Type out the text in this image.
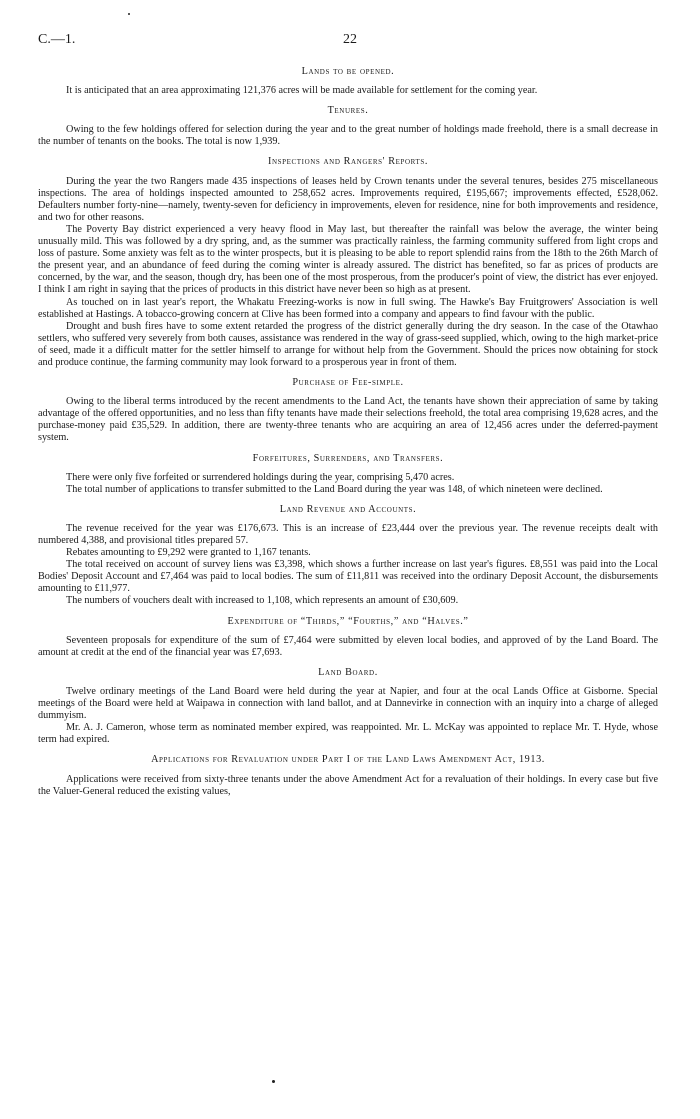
C.—1.	22
Lands to be opened.

It is anticipated that an area approximating 121,376 acres will be made available for settlement for the coming year.

Tenures.

Owing to the few holdings offered for selection during the year and to the great number of holdings made freehold, there is a small decrease in the number of tenants on the books. The total is now 1,939.

Inspections and Rangers' Reports.

During the year the two Rangers made 435 inspections of leases held by Crown tenants under the several tenures, besides 275 miscellaneous inspections. The area of holdings inspected amounted to 258,652 acres. Improvements required, £195,667; improvements effected, £528,062. Defaulters number forty-nine—namely, twenty-seven for deficiency in improvements, eleven for residence, nine for both improvements and residence, and two for other reasons.

The Poverty Bay district experienced a very heavy flood in May last, but thereafter the rainfall was below the average, the winter being unusually mild. This was followed by a dry spring, and, as the summer was practically rainless, the farming community suffered from light crops and loss of pasture. Some anxiety was felt as to the winter prospects, but it is pleasing to be able to report splendid rains from the 18th to the 26th March of the present year, and an abundance of feed during the coming winter is already assured. The district has benefited, so far as prices of products are concerned, by the war, and the season, though dry, has been one of the most prosperous, from the producer's point of view, the district has ever enjoyed. I think I am right in saying that the prices of products in this district have never been so high as at present.

As touched on in last year's report, the Whakatu Freezing-works is now in full swing. The Hawke's Bay Fruitgrowers' Association is well established at Hastings. A tobacco-growing concern at Clive has been formed into a company and appears to find favour with the public.

Drought and bush fires have to some extent retarded the progress of the district generally during the dry season. In the case of the Otawhao settlers, who suffered very severely from both causes, assistance was rendered in the way of grass-seed supplied, which, owing to the high market-price of seed, made it a difficult matter for the settler himself to arrange for without help from the Government. Should the prices now obtaining for stock and produce continue, the farming community may look forward to a prosperous year in front of them.

Purchase of Fee-simple.

Owing to the liberal terms introduced by the recent amendments to the Land Act, the tenants have shown their appreciation of same by taking advantage of the offered opportunities, and no less than fifty tenants have made their selections freehold, the total area comprising 19,628 acres, and the purchase-money paid £35,529. In addition, there are twenty-three tenants who are acquiring an area of 12,456 acres under the deferred-payment system.

Forfeitures, Surrenders, and Transfers.

There were only five forfeited or surrendered holdings during the year, comprising 5,470 acres.

The total number of applications to transfer submitted to the Land Board during the year was 148, of which nineteen were declined.

Land Revenue and Accounts.

The revenue received for the year was £176,673. This is an increase of £23,444 over the previous year. The revenue receipts dealt with numbered 4,388, and provisional titles prepared 57.

Rebates amounting to £9,292 were granted to 1,167 tenants.

The total received on account of survey liens was £3,398, which shows a further increase on last year's figures. £8,551 was paid into the Local Bodies' Deposit Account and £7,464 was paid to local bodies. The sum of £11,811 was received into the ordinary Deposit Account, the disbursements amounting to £11,977.

The numbers of vouchers dealt with increased to 1,108, which represents an amount of £30,609.

Expenditure of “Thirds,” “Fourths,” and “Halves.”

Seventeen proposals for expenditure of the sum of £7,464 were submitted by eleven local bodies, and approved of by the Land Board. The amount at credit at the end of the financial year was £7,693.

Land Board.

Twelve ordinary meetings of the Land Board were held during the year at Napier, and four at the ocal Lands Office at Gisborne. Special meetings of the Board were held at Waipawa in connection with land ballot, and at Dannevirke in connection with an inquiry into a charge of alleged dummyism.

Mr. A. J. Cameron, whose term as nominated member expired, was reappointed. Mr. L. McKay was appointed to replace Mr. T. Hyde, whose term had expired.

Applications for Revaluation under Part I of the Land Laws Amendment Act, 1913.

Applications were received from sixty-three tenants under the above Amendment Act for a revaluation of their holdings. In every case but five the Valuer-General reduced the existing values,
